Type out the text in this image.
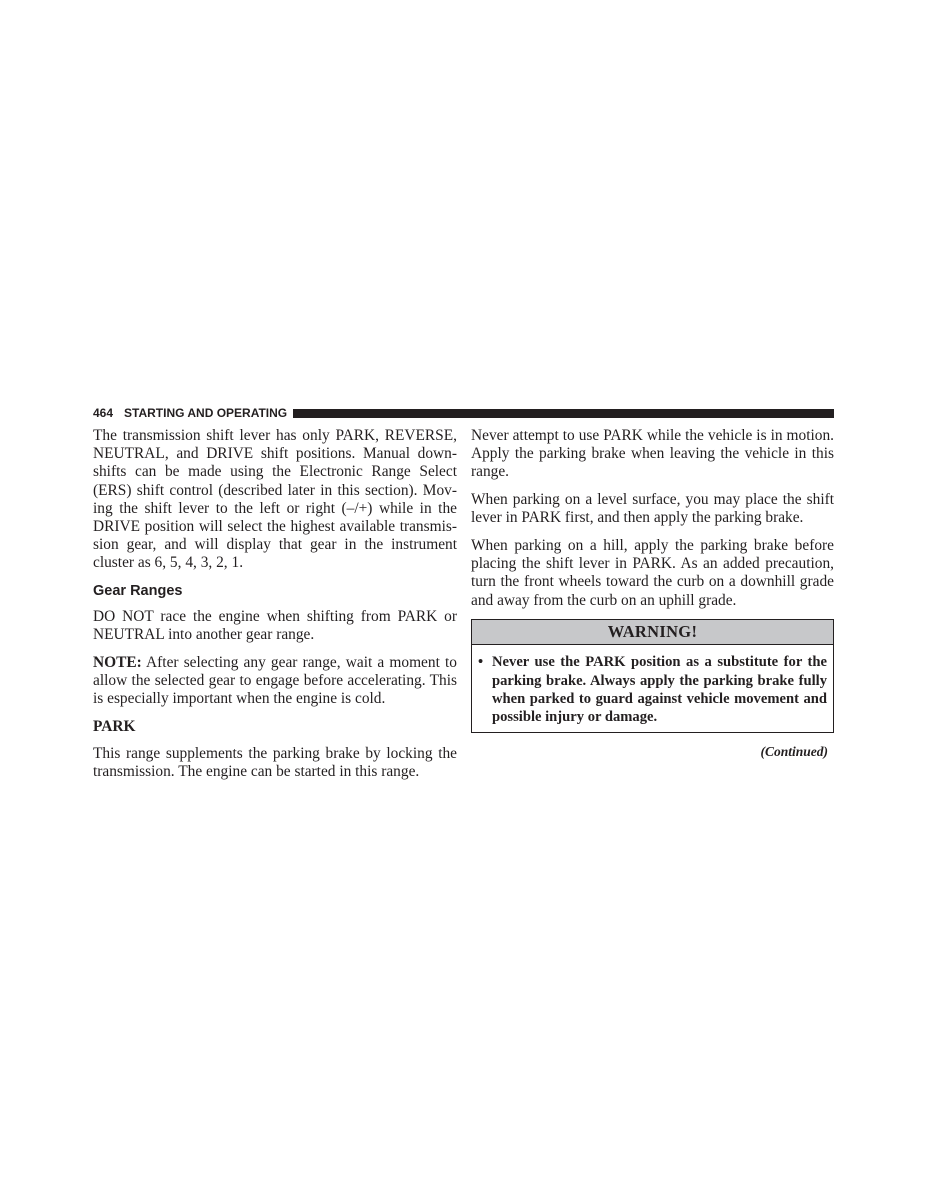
464 STARTING AND OPERATING

The transmission shift lever has only PARK, REVERSE, NEUTRAL, and DRIVE shift positions. Manual downshifts can be made using the Electronic Range Select (ERS) shift control (described later in this section). Moving the shift lever to the left or right (–/+) while in the DRIVE position will select the highest available transmission gear, and will display that gear in the instrument cluster as 6, 5, 4, 3, 2, 1.

Gear Ranges

DO NOT race the engine when shifting from PARK or NEUTRAL into another gear range.

NOTE: After selecting any gear range, wait a moment to allow the selected gear to engage before accelerating. This is especially important when the engine is cold.

PARK

This range supplements the parking brake by locking the transmission. The engine can be started in this range.

Never attempt to use PARK while the vehicle is in motion. Apply the parking brake when leaving the vehicle in this range.

When parking on a level surface, you may place the shift lever in PARK first, and then apply the parking brake.

When parking on a hill, apply the parking brake before placing the shift lever in PARK. As an added precaution, turn the front wheels toward the curb on a downhill grade and away from the curb on an uphill grade.

WARNING!
• Never use the PARK position as a substitute for the parking brake. Always apply the parking brake fully when parked to guard against vehicle movement and possible injury or damage.
(Continued)
